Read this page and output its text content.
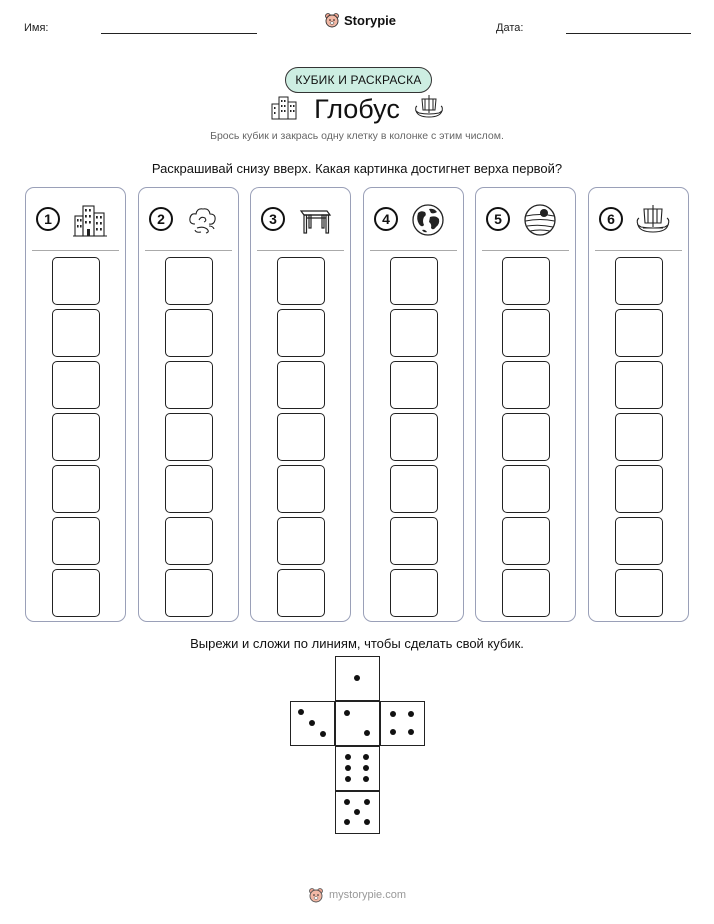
Имя:
Storypie
Дата:
КУБИК И РАСКРАСКА
Глобус
Брось кубик и закрась одну клетку в колонке с этим числом.
Раскрашивай снизу вверх. Какая картинка достигнет верха первой?
1	2	3	4	5	6
Вырежи и сложи по линиям, чтобы сделать свой кубик.
mystorypie.com
